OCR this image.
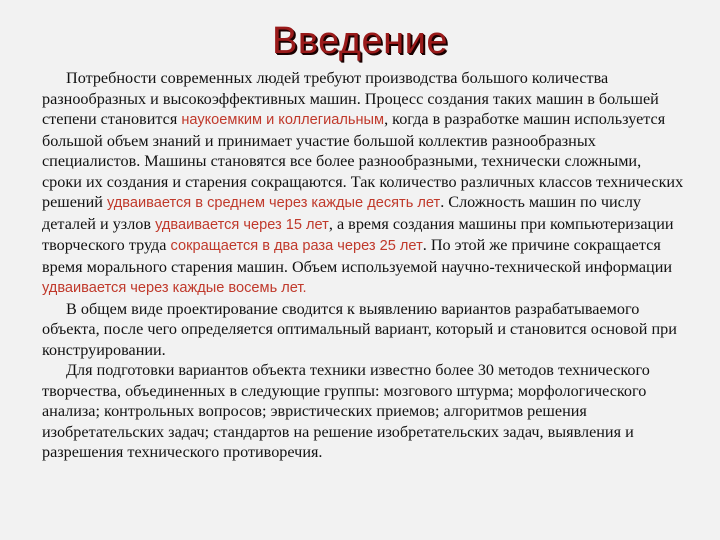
Введение

Потребности современных людей требуют производства большого количества разнообразных и высокоэффективных машин. Процесс создания таких машин в большей степени становится наукоемким и коллегиальным, когда в разработке машин используется большой объем знаний и принимает участие большой коллектив разнообразных специалистов. Машины становятся все более разнообразными, технически сложными, сроки их создания и старения сокращаются. Так количество различных классов технических решений удваивается в среднем через каждые десять лет. Сложность машин по числу деталей и узлов удваивается через 15 лет, а время создания машины при компьютеризации творческого труда сокращается в два раза через 25 лет. По этой же причине сокращается время морального старения машин. Объем используемой научно-технической информации удваивается через каждые восемь лет.

В общем виде проектирование сводится к выявлению вариантов разрабатываемого объекта, после чего определяется оптимальный вариант, который и становится основой при конструировании.

Для подготовки вариантов объекта техники известно более 30 методов технического творчества, объединенных в следующие группы: мозгового штурма; морфологического анализа; контрольных вопросов; эвристических приемов; алгоритмов решения изобретательских задач; стандартов на решение изобретательских задач, выявления и разрешения технического противоречия.
